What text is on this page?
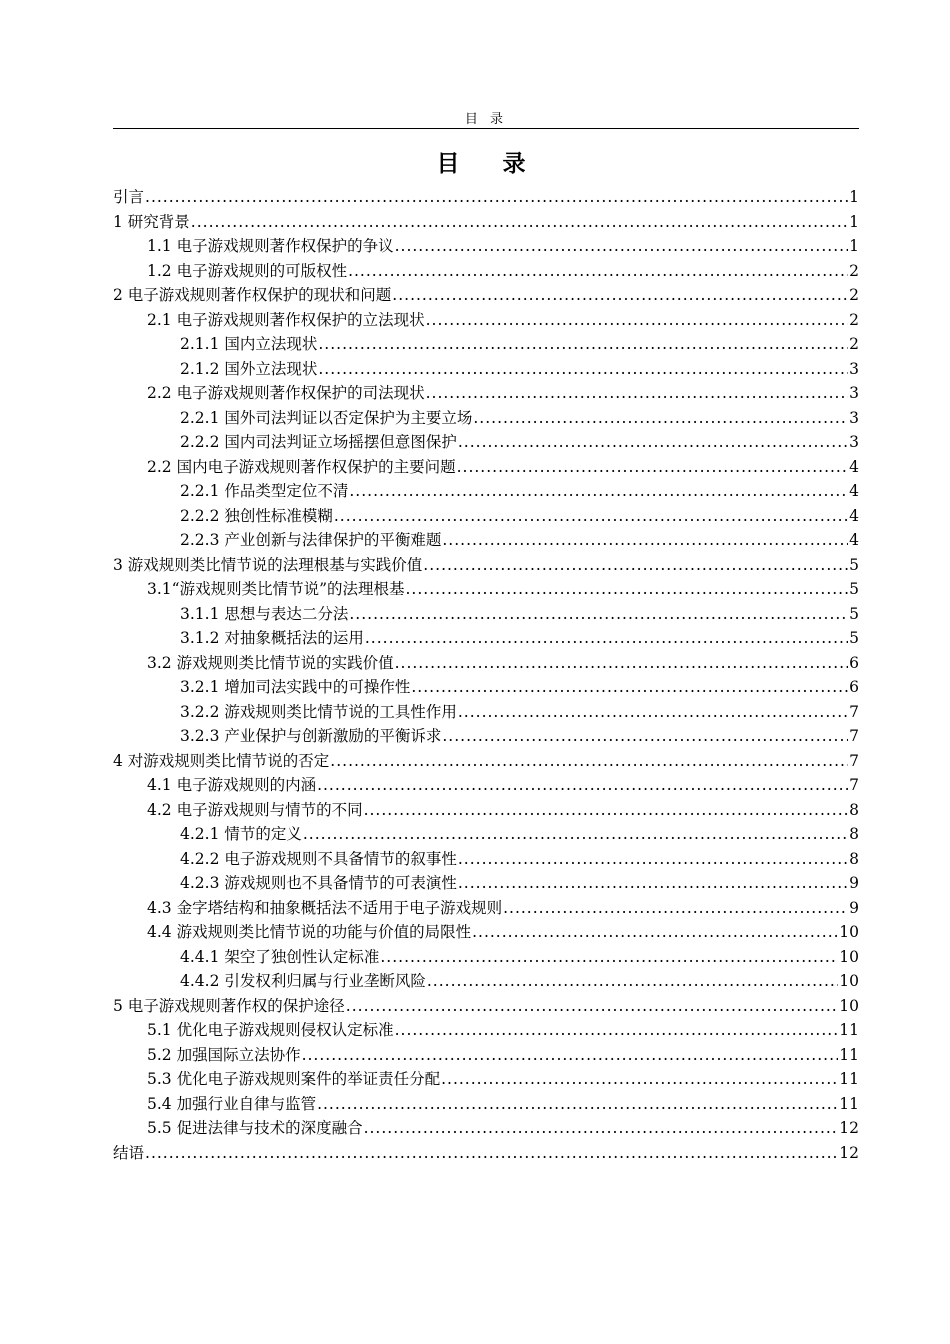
目 录
目　录
引言 .....	1
1 研究背景 .....	1
1.1 电子游戏规则著作权保护的争议 .....	1
1.2 电子游戏规则的可版权性 .....	2
2 电子游戏规则著作权保护的现状和问题 .....	2
2.1 电子游戏规则著作权保护的立法现状 .....	2
2.1.1 国内立法现状 .....	2
2.1.2 国外立法现状 .....	3
2.2 电子游戏规则著作权保护的司法现状 .....	3
2.2.1 国外司法判证以否定保护为主要立场 .....	3
2.2.2 国内司法判证立场摇摆但意图保护 .....	3
2.2 国内电子游戏规则著作权保护的主要问题 .....	4
2.2.1 作品类型定位不清 .....	4
2.2.2 独创性标准模糊 .....	4
2.2.3 产业创新与法律保护的平衡难题 .....	4
3 游戏规则类比情节说的法理根基与实践价值 .....	5
3.1“游戏规则类比情节说”的法理根基 .....	5
3.1.1 思想与表达二分法 .....	5
3.1.2 对抽象概括法的运用 .....	5
3.2 游戏规则类比情节说的实践价值 .....	6
3.2.1 增加司法实践中的可操作性 .....	6
3.2.2 游戏规则类比情节说的工具性作用 .....	7
3.2.3 产业保护与创新激励的平衡诉求 .....	7
4 对游戏规则类比情节说的否定 .....	7
4.1 电子游戏规则的内涵 .....	7
4.2 电子游戏规则与情节的不同 .....	8
4.2.1 情节的定义 .....	8
4.2.2 电子游戏规则不具备情节的叙事性 .....	8
4.2.3 游戏规则也不具备情节的可表演性 .....	9
4.3 金字塔结构和抽象概括法不适用于电子游戏规则 .....	9
4.4 游戏规则类比情节说的功能与价值的局限性 .....	10
4.4.1 架空了独创性认定标准 .....	10
4.4.2 引发权利归属与行业垄断风险 .....	10
5 电子游戏规则著作权的保护途径 .....	10
5.1 优化电子游戏规则侵权认定标准 .....	11
5.2 加强国际立法协作 .....	11
5.3 优化电子游戏规则案件的举证责任分配 .....	11
5.4 加强行业自律与监管 .....	11
5.5 促进法律与技术的深度融合 .....	12
结语 .....	12
